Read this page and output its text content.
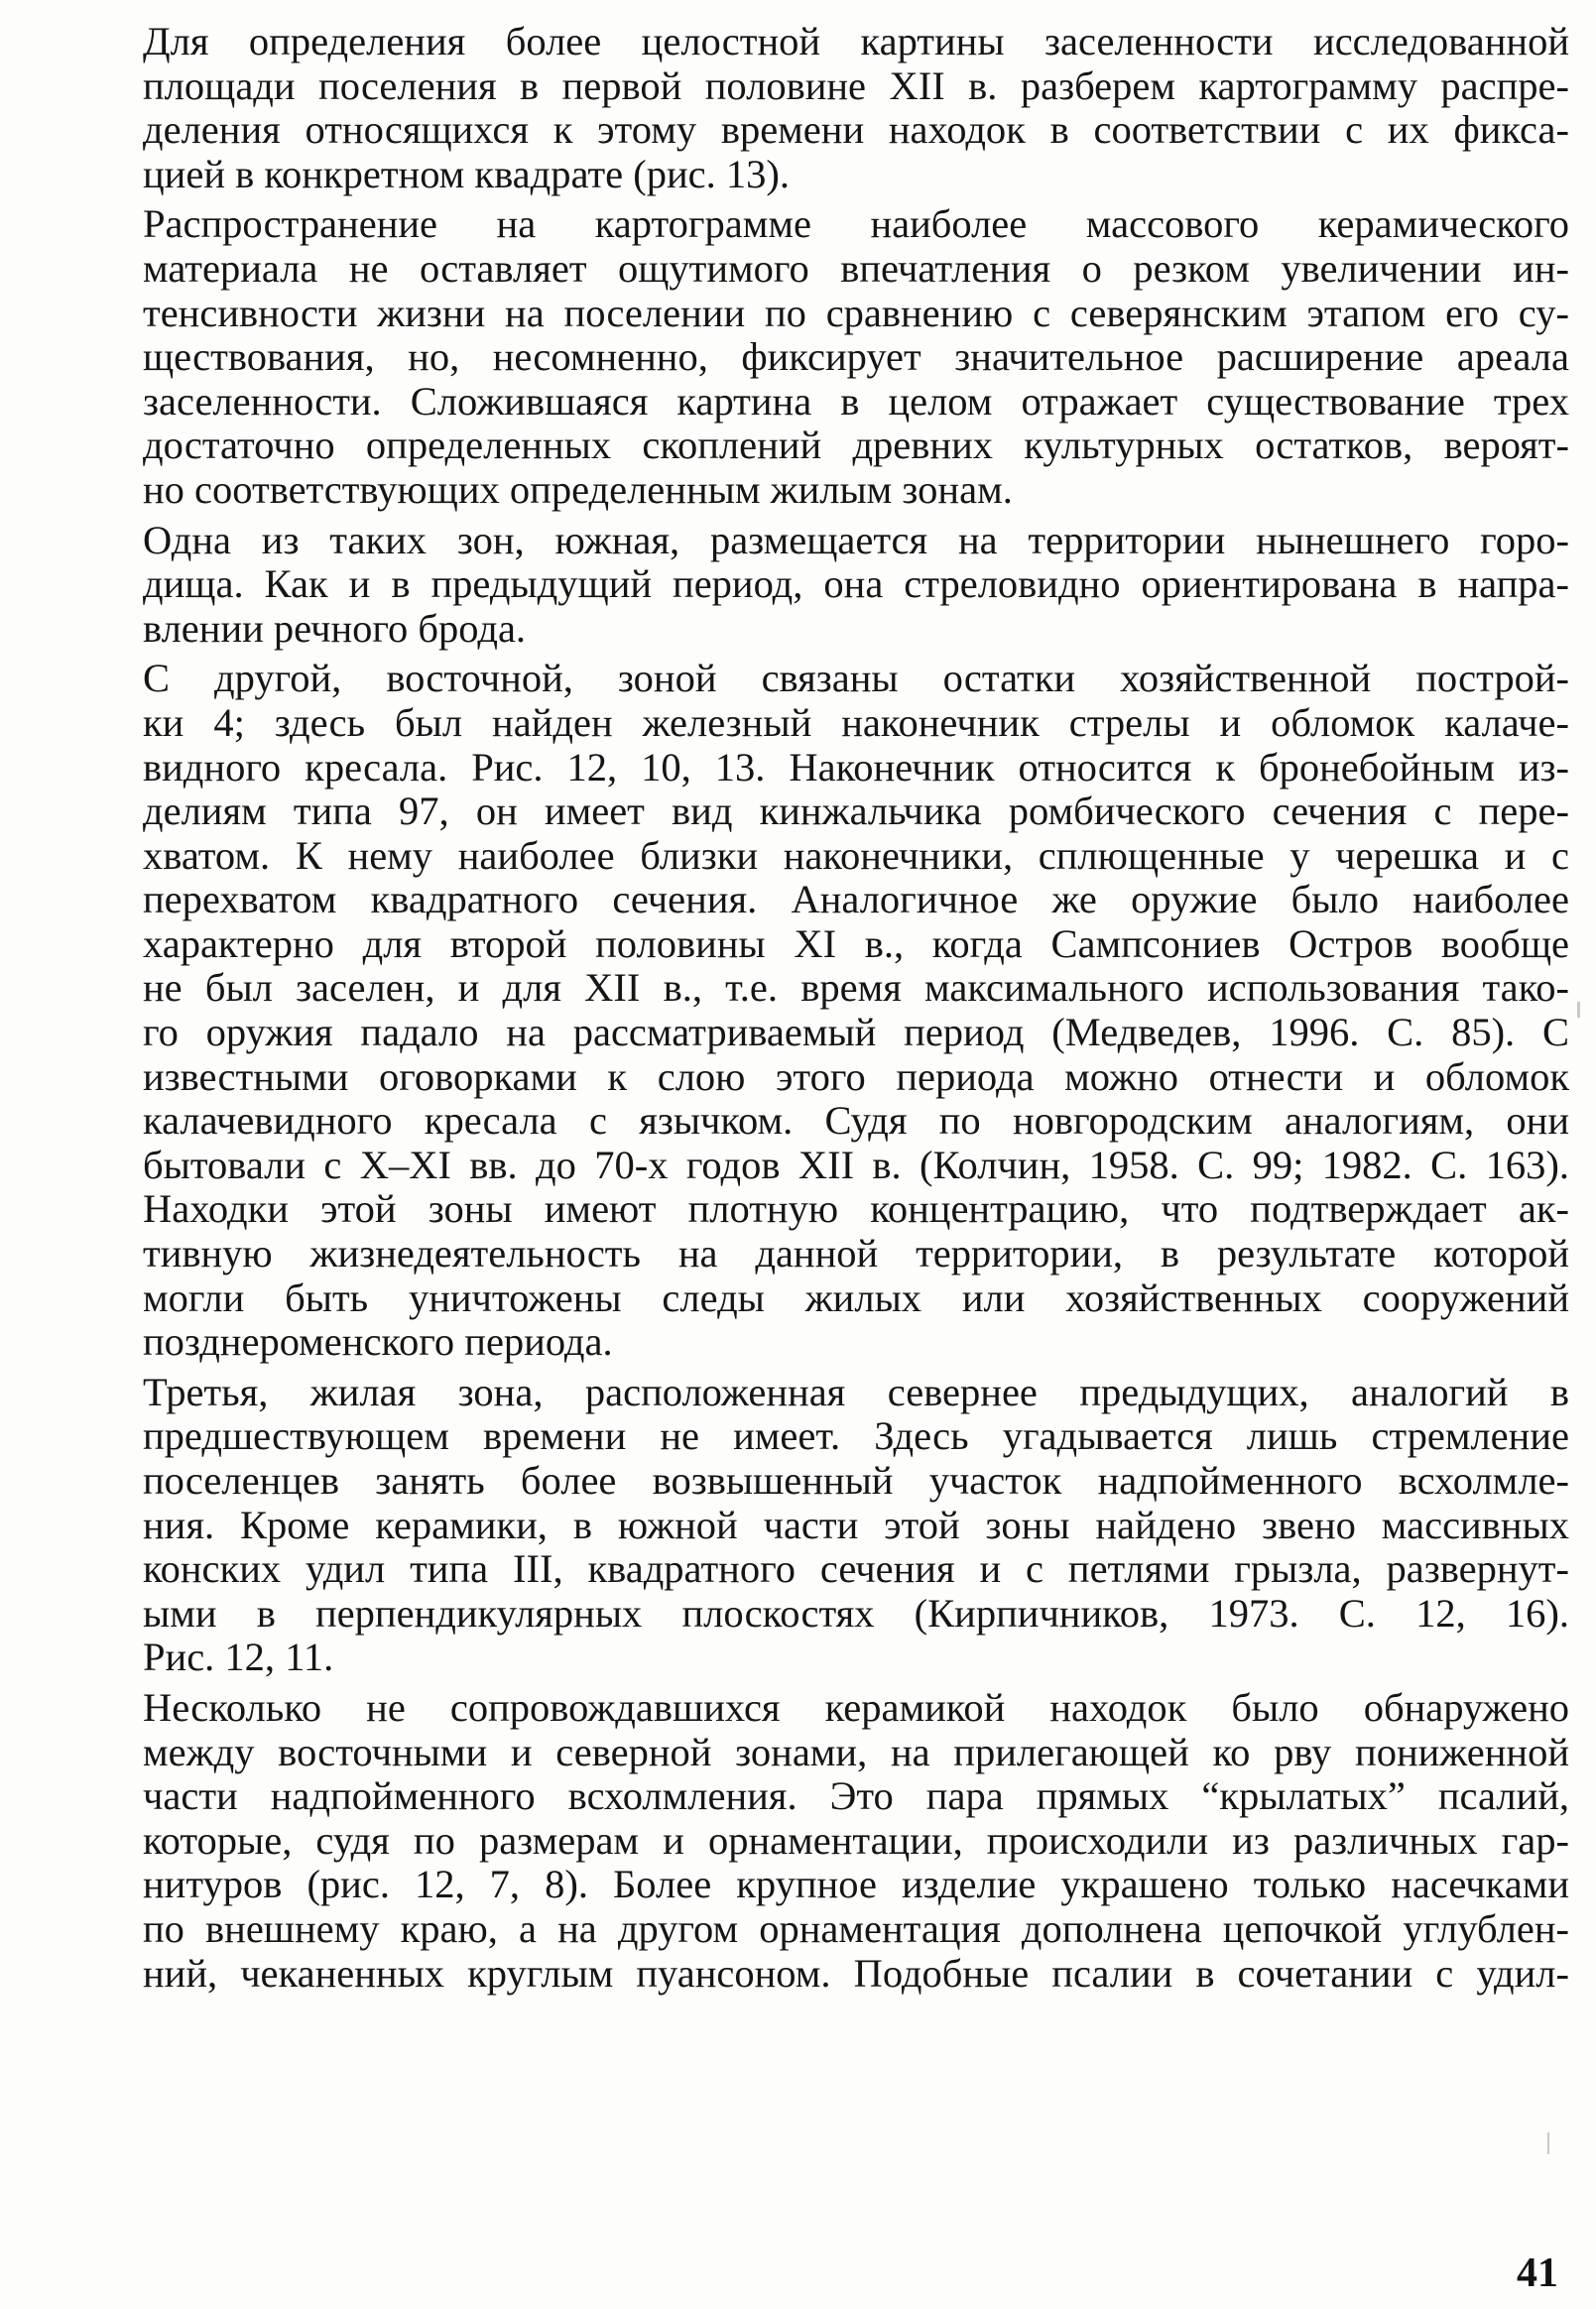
Для определения более целостной картины заселенности исследованной
площади поселения в первой половине XII в. разберем картограмму распре-
деления относящихся к этому времени находок в соответствии с их фикса-
цией в конкретном квадрате (рис. 13).

Распространение на картограмме наиболее массового керамического
материала не оставляет ощутимого впечатления о резком увеличении ин-
тенсивности жизни на поселении по сравнению с северянским этапом его су-
ществования, но, несомненно, фиксирует значительное расширение ареала
заселенности. Сложившаяся картина в целом отражает существование трех
достаточно определенных скоплений древних культурных остатков, вероят-
но соответствующих определенным жилым зонам.

Одна из таких зон, южная, размещается на территории нынешнего горо-
дища. Как и в предыдущий период, она стреловидно ориентирована в напра-
влении речного брода.

С другой, восточной, зоной связаны остатки хозяйственной построй-
ки 4; здесь был найден железный наконечник стрелы и обломок калаче-
видного кресала. Рис. 12, 10, 13. Наконечник относится к бронебойным из-
делиям типа 97, он имеет вид кинжальчика ромбического сечения с пере-
хватом. К нему наиболее близки наконечники, сплющенные у черешка и с
перехватом квадратного сечения. Аналогичное же оружие было наиболее
характерно для второй половины XI в., когда Сампсониев Остров вообще
не был заселен, и для XII в., т.е. время максимального использования тако-
го оружия падало на рассматриваемый период (Медведев, 1996. С. 85). С
известными оговорками к слою этого периода можно отнести и обломок
калачевидного кресала с язычком. Судя по новгородским аналогиям, они
бытовали с X–XI вв. до 70-х годов XII в. (Колчин, 1958. С. 99; 1982. С. 163).
Находки этой зоны имеют плотную концентрацию, что подтверждает ак-
тивную жизнедеятельность на данной территории, в результате которой
могли быть уничтожены следы жилых или хозяйственных сооружений
позднероменского периода.

Третья, жилая зона, расположенная севернее предыдущих, аналогий в
предшествующем времени не имеет. Здесь угадывается лишь стремление
поселенцев занять более возвышенный участок надпойменного всхолмле-
ния. Кроме керамики, в южной части этой зоны найдено звено массивных
конских удил типа III, квадратного сечения и с петлями грызла, развернут-
ыми в перпендикулярных плоскостях (Кирпичников, 1973. С. 12, 16).
Рис. 12, 11.

Несколько не сопровождавшихся керамикой находок было обнаружено
между восточными и северной зонами, на прилегающей ко рву пониженной
части надпойменного всхолмления. Это пара прямых “крылатых” псалий,
которые, судя по размерам и орнаментации, происходили из различных гар-
нитуров (рис. 12, 7, 8). Более крупное изделие украшено только насечками
по внешнему краю, а на другом орнаментация дополнена цепочкой углублен-
ний, чеканенных круглым пуансоном. Подобные псалии в сочетании с удил-

41
